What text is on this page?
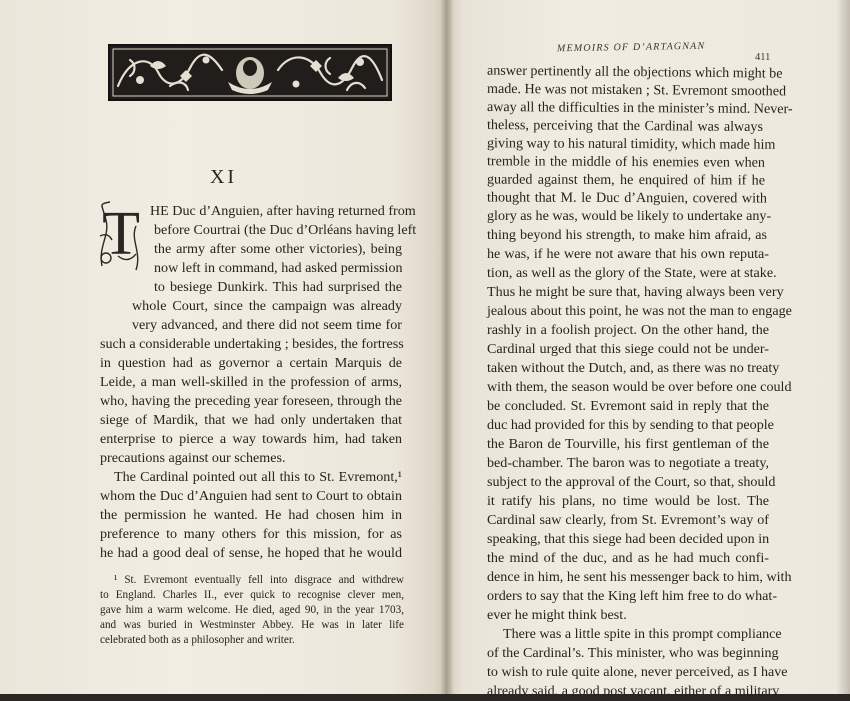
XI
T HE Duc d’Anguien, after having returned from
before Courtrai (the Duc d’Orléans having left
the army after some other victories), being
now left in command, had asked permission
to besiege Dunkirk. This had surprised the
whole Court, since the campaign was already
very advanced, and there did not seem time for
such a considerable undertaking ; besides, the fortress
in question had as governor a certain Marquis de
Leide, a man well-skilled in the profession of arms,
who, having the preceding year foreseen, through the
siege of Mardik, that we had only undertaken that
enterprise to pierce a way towards him, had taken
precautions against our schemes.
The Cardinal pointed out all this to St. Evremont,¹
whom the Duc d’Anguien had sent to Court to obtain
the permission he wanted. He had chosen him in
preference to many others for this mission, for as
he had a good deal of sense, he hoped that he would
¹ St. Evremont eventually fell into disgrace and withdrew
to England. Charles II., ever quick to recognise clever men,
gave him a warm welcome. He died, aged 90, in the year 1703,
and was buried in Westminster Abbey. He was in later life
celebrated both as a philosopher and writer.
MEMOIRS OF D’ARTAGNAN
411
answer pertinently all the objections which might be
made. He was not mistaken ; St. Evremont smoothed
away all the difficulties in the minister’s mind. Never-
theless, perceiving that the Cardinal was always
giving way to his natural timidity, which made him
tremble in the middle of his enemies even when
guarded against them, he enquired of him if he
thought that M. le Duc d’Anguien, covered with
glory as he was, would be likely to undertake any-
thing beyond his strength, to make him afraid, as
he was, if he were not aware that his own reputa-
tion, as well as the glory of the State, were at stake.
Thus he might be sure that, having always been very
jealous about this point, he was not the man to engage
rashly in a foolish project. On the other hand, the
Cardinal urged that this siege could not be under-
taken without the Dutch, and, as there was no treaty
with them, the season would be over before one could
be concluded. St. Evremont said in reply that the
duc had provided for this by sending to that people
the Baron de Tourville, his first gentleman of the
bed-chamber. The baron was to negotiate a treaty,
subject to the approval of the Court, so that, should
it ratify his plans, no time would be lost. The
Cardinal saw clearly, from St. Evremont’s way of
speaking, that this siege had been decided upon in
the mind of the duc, and as he had much confi-
dence in him, he sent his messenger back to him, with
orders to say that the King left him free to do what-
ever he might think best.
There was a little spite in this prompt compliance
of the Cardinal’s. This minister, who was beginning
to wish to rule quite alone, never perceived, as I have
already said, a good post vacant, either of a military
